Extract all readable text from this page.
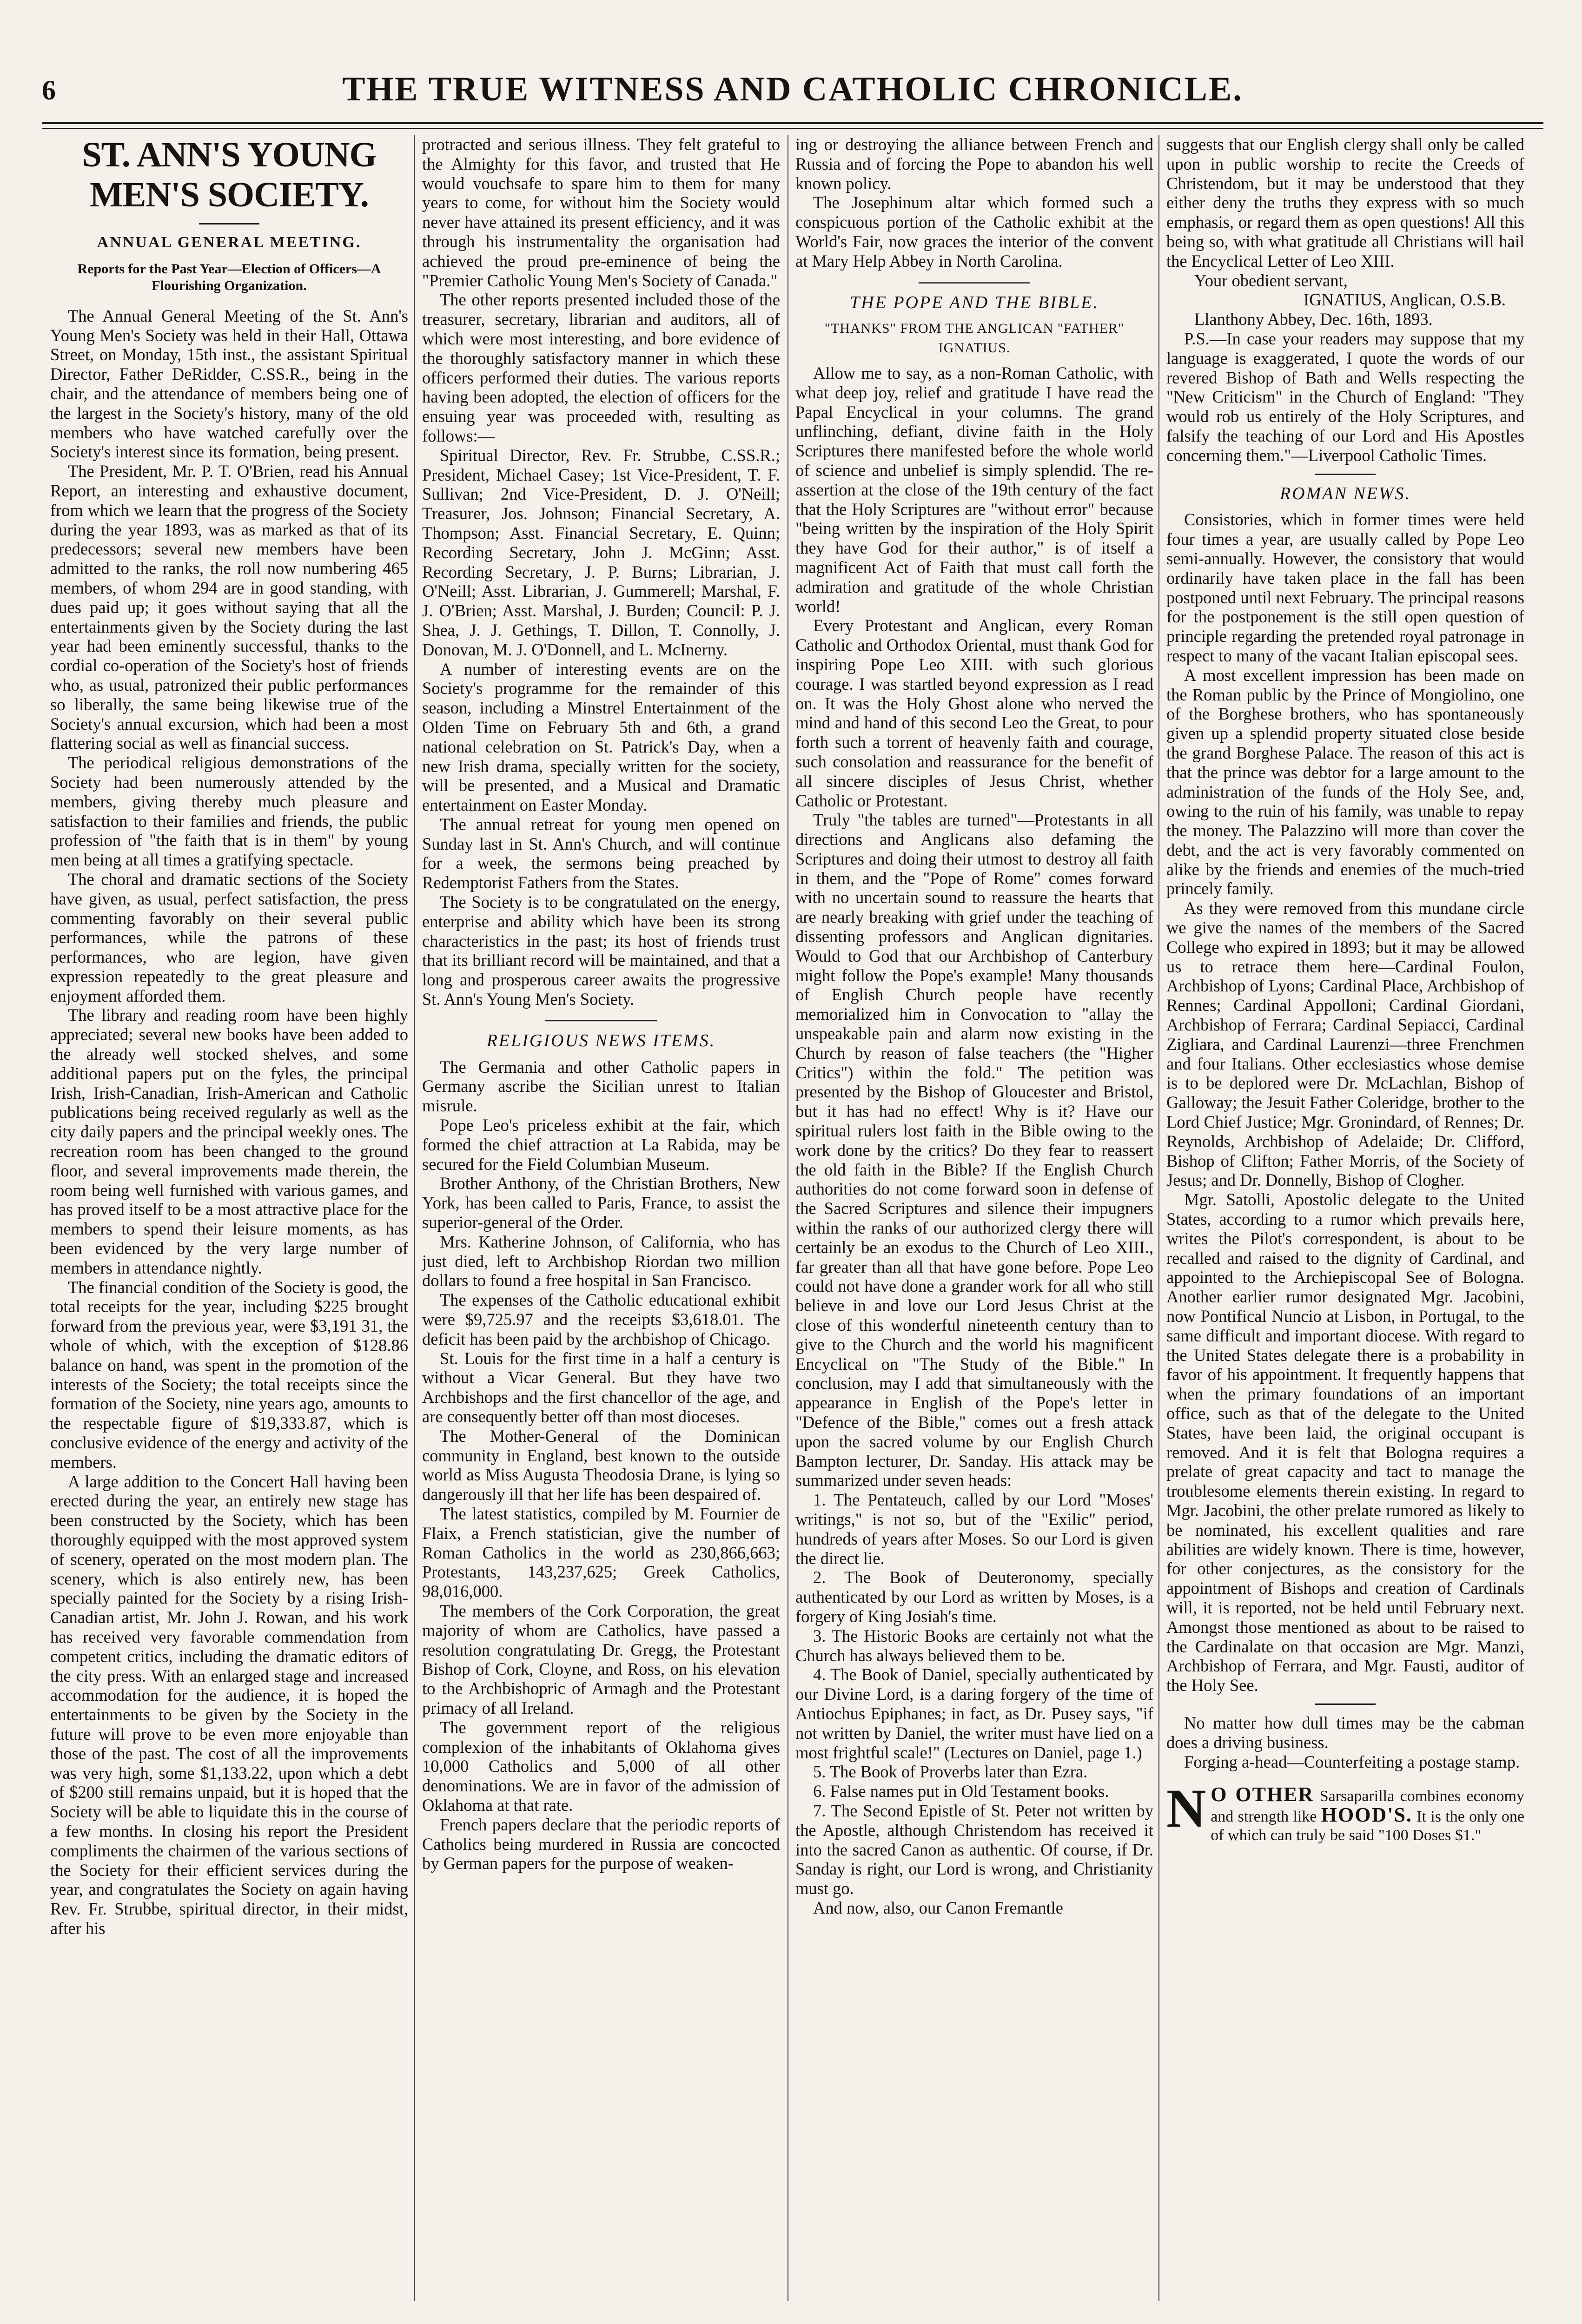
6	THE TRUE WITNESS AND CATHOLIC CHRONICLE.
ST. ANN'S YOUNG MEN'S SOCIETY.
ANNUAL GENERAL MEETING.
Reports for the Past Year—Election of Officers—A Flourishing Organization.

The Annual General Meeting of the St. Ann's Young Men's Society was held in their Hall, Ottawa Street, on Monday, 15th inst., the assistant Spiritual Director, Father DeRidder, C.SS.R., being in the chair, and the attendance of members being one of the largest in the Society's history, many of the old members who have watched carefully over the Society's interest since its formation, being present.

The President, Mr. P. T. O'Brien, read his Annual Report, an interesting and exhaustive document, from which we learn that the progress of the Society during the year 1893, was as marked as that of its predecessors; several new members have been admitted to the ranks, the roll now numbering 465 members, of whom 294 are in good standing, with dues paid up; it goes without saying that all the entertainments given by the Society during the last year had been eminently successful, thanks to the cordial co-operation of the Society's host of friends who, as usual, patronized their public performances so liberally, the same being likewise true of the Society's annual excursion, which had been a most flattering social as well as financial success.

The periodical religious demonstrations of the Society had been numerously attended by the members, giving thereby much pleasure and satisfaction to their families and friends, the public profession of "the faith that is in them" by young men being at all times a gratifying spectacle.

The choral and dramatic sections of the Society have given, as usual, perfect satisfaction, the press commenting favorably on their several public performances, while the patrons of these performances, who are legion, have given expression repeatedly to the great pleasure and enjoyment afforded them.

The library and reading room have been highly appreciated; several new books have been added to the already well stocked shelves, and some additional papers put on the fyles, the principal Irish, Irish-Canadian, Irish-American and Catholic publications being received regularly as well as the city daily papers and the principal weekly ones. The recreation room has been changed to the ground floor, and several improvements made therein, the room being well furnished with various games, and has proved itself to be a most attractive place for the members to spend their leisure moments, as has been evidenced by the very large number of members in attendance nightly.

The financial condition of the Society is good, the total receipts for the year, including $225 brought forward from the previous year, were $3,191 31, the whole of which, with the exception of $128.86 balance on hand, was spent in the promotion of the interests of the Society; the total receipts since the formation of the Society, nine years ago, amounts to the respectable figure of $19,333.87, which is conclusive evidence of the energy and activity of the members.

A large addition to the Concert Hall having been erected during the year, an entirely new stage has been constructed by the Society, which has been thoroughly equipped with the most approved system of scenery, operated on the most modern plan. The scenery, which is also entirely new, has been specially painted for the Society by a rising Irish-Canadian artist, Mr. John J. Rowan, and his work has received very favorable commendation from competent critics, including the dramatic editors of the city press. With an enlarged stage and increased accommodation for the audience, it is hoped the entertainments to be given by the Society in the future will prove to be even more enjoyable than those of the past. The cost of all the improvements was very high, some $1,133.22, upon which a debt of $200 still remains unpaid, but it is hoped that the Society will be able to liquidate this in the course of a few months. In closing his report the President compliments the chairmen of the various sections of the Society for their efficient services during the year, and congratulates the Society on again having Rev. Fr. Strubbe, spiritual director, in their midst, after his

protracted and serious illness. They felt grateful to the Almighty for this favor, and trusted that He would vouchsafe to spare him to them for many years to come, for without him the Society would never have attained its present efficiency, and it was through his instrumentality the organisation had achieved the proud pre-eminence of being the "Premier Catholic Young Men's Society of Canada."

The other reports presented included those of the treasurer, secretary, librarian and auditors, all of which were most interesting, and bore evidence of the thoroughly satisfactory manner in which these officers performed their duties. The various reports having been adopted, the election of officers for the ensuing year was proceeded with, resulting as follows:—

Spiritual Director, Rev. Fr. Strubbe, C.SS.R.; President, Michael Casey; 1st Vice-President, T. F. Sullivan; 2nd Vice-President, D. J. O'Neill; Treasurer, Jos. Johnson; Financial Secretary, A. Thompson; Asst. Financial Secretary, E. Quinn; Recording Secretary, John J. McGinn; Asst. Recording Secretary, J. P. Burns; Librarian, J. O'Neill; Asst. Librarian, J. Gummerell; Marshal, F. J. O'Brien; Asst. Marshal, J. Burden; Council: P. J. Shea, J. J. Gethings, T. Dillon, T. Connolly, J. Donovan, M. J. O'Donnell, and L. McInerny.

A number of interesting events are on the Society's programme for the remainder of this season, including a Minstrel Entertainment of the Olden Time on February 5th and 6th, a grand national celebration on St. Patrick's Day, when a new Irish drama, specially written for the society, will be presented, and a Musical and Dramatic entertainment on Easter Monday.

The annual retreat for young men opened on Sunday last in St. Ann's Church, and will continue for a week, the sermons being preached by Redemptorist Fathers from the States.

The Society is to be congratulated on the energy, enterprise and ability which have been its strong characteristics in the past; its host of friends trust that its brilliant record will be maintained, and that a long and prosperous career awaits the progressive St. Ann's Young Men's Society.

RELIGIOUS NEWS ITEMS.

The Germania and other Catholic papers in Germany ascribe the Sicilian unrest to Italian misrule.

Pope Leo's priceless exhibit at the fair, which formed the chief attraction at La Rabida, may be secured for the Field Columbian Museum.

Brother Anthony, of the Christian Brothers, New York, has been called to Paris, France, to assist the superior-general of the Order.

Mrs. Katherine Johnson, of California, who has just died, left to Archbishop Riordan two million dollars to found a free hospital in San Francisco.

The expenses of the Catholic educational exhibit were $9,725.97 and the receipts $3,618.01. The deficit has been paid by the archbishop of Chicago.

St. Louis for the first time in a half a century is without a Vicar General. But they have two Archbishops and the first chancellor of the age, and are consequently better off than most dioceses.

The Mother-General of the Dominican community in England, best known to the outside world as Miss Augusta Theodosia Drane, is lying so dangerously ill that her life has been despaired of.

The latest statistics, compiled by M. Fournier de Flaix, a French statistician, give the number of Roman Catholics in the world as 230,866,663; Protestants, 143,237,625; Greek Catholics, 98,016,000.

The members of the Cork Corporation, the great majority of whom are Catholics, have passed a resolution congratulating Dr. Gregg, the Protestant Bishop of Cork, Cloyne, and Ross, on his elevation to the Archbishopric of Armagh and the Protestant primacy of all Ireland.

The government report of the religious complexion of the inhabitants of Oklahoma gives 10,000 Catholics and 5,000 of all other denominations. We are in favor of the admission of Oklahoma at that rate.

French papers declare that the periodic reports of Catholics being murdered in Russia are concocted by German papers for the purpose of weaken-

ing or destroying the alliance between French and Russia and of forcing the Pope to abandon his well known policy.

The Josephinum altar which formed such a conspicuous portion of the Catholic exhibit at the World's Fair, now graces the interior of the convent at Mary Help Abbey in North Carolina.

THE POPE AND THE BIBLE.
"THANKS" FROM THE ANGLICAN "FATHER" IGNATIUS.

Allow me to say, as a non-Roman Catholic, with what deep joy, relief and gratitude I have read the Papal Encyclical in your columns. The grand unflinching, defiant, divine faith in the Holy Scriptures there manifested before the whole world of science and unbelief is simply splendid. The re-assertion at the close of the 19th century of the fact that the Holy Scriptures are "without error" because "being written by the inspiration of the Holy Spirit they have God for their author," is of itself a magnificent Act of Faith that must call forth the admiration and gratitude of the whole Christian world!

Every Protestant and Anglican, every Roman Catholic and Orthodox Oriental, must thank God for inspiring Pope Leo XIII. with such glorious courage. I was startled beyond expression as I read on. It was the Holy Ghost alone who nerved the mind and hand of this second Leo the Great, to pour forth such a torrent of heavenly faith and courage, such consolation and reassurance for the benefit of all sincere disciples of Jesus Christ, whether Catholic or Protestant.

Truly "the tables are turned"—Protestants in all directions and Anglicans also defaming the Scriptures and doing their utmost to destroy all faith in them, and the "Pope of Rome" comes forward with no uncertain sound to reassure the hearts that are nearly breaking with grief under the teaching of dissenting professors and Anglican dignitaries. Would to God that our Archbishop of Canterbury might follow the Pope's example! Many thousands of English Church people have recently memorialized him in Convocation to "allay the unspeakable pain and alarm now existing in the Church by reason of false teachers (the "Higher Critics") within the fold." The petition was presented by the Bishop of Gloucester and Bristol, but it has had no effect! Why is it? Have our spiritual rulers lost faith in the Bible owing to the work done by the critics? Do they fear to reassert the old faith in the Bible? If the English Church authorities do not come forward soon in defense of the Sacred Scriptures and silence their impugners within the ranks of our authorized clergy there will certainly be an exodus to the Church of Leo XIII., far greater than all that have gone before. Pope Leo could not have done a grander work for all who still believe in and love our Lord Jesus Christ at the close of this wonderful nineteenth century than to give to the Church and the world his magnificent Encyclical on "The Study of the Bible." In conclusion, may I add that simultaneously with the appearance in English of the Pope's letter in "Defence of the Bible," comes out a fresh attack upon the sacred volume by our English Church Bampton lecturer, Dr. Sanday. His attack may be summarized under seven heads:

1. The Pentateuch, called by our Lord "Moses' writings," is not so, but of the "Exilic" period, hundreds of years after Moses. So our Lord is given the direct lie.

2. The Book of Deuteronomy, specially authenticated by our Lord as written by Moses, is a forgery of King Josiah's time.

3. The Historic Books are certainly not what the Church has always believed them to be.

4. The Book of Daniel, specially authenticated by our Divine Lord, is a daring forgery of the time of Antiochus Epiphanes; in fact, as Dr. Pusey says, "if not written by Daniel, the writer must have lied on a most frightful scale!" (Lectures on Daniel, page 1.)

5. The Book of Proverbs later than Ezra.

6. False names put in Old Testament books.

7. The Second Epistle of St. Peter not written by the Apostle, although Christendom has received it into the sacred Canon as authentic. Of course, if Dr. Sanday is right, our Lord is wrong, and Christianity must go.

And now, also, our Canon Fremantle

suggests that our English clergy shall only be called upon in public worship to recite the Creeds of Christendom, but it may be understood that they either deny the truths they express with so much emphasis, or regard them as open questions! All this being so, with what gratitude all Christians will hail the Encyclical Letter of Leo XIII.

Your obedient servant,

IGNATIUS, Anglican, O.S.B.

Llanthony Abbey, Dec. 16th, 1893.

P.S.—In case your readers may suppose that my language is exaggerated, I quote the words of our revered Bishop of Bath and Wells respecting the "New Criticism" in the Church of England: "They would rob us entirely of the Holy Scriptures, and falsify the teaching of our Lord and His Apostles concerning them."—Liverpool Catholic Times.

ROMAN NEWS.

Consistories, which in former times were held four times a year, are usually called by Pope Leo semi-annually. However, the consistory that would ordinarily have taken place in the fall has been postponed until next February. The principal reasons for the postponement is the still open question of principle regarding the pretended royal patronage in respect to many of the vacant Italian episcopal sees.

A most excellent impression has been made on the Roman public by the Prince of Mongiolino, one of the Borghese brothers, who has spontaneously given up a splendid property situated close beside the grand Borghese Palace. The reason of this act is that the prince was debtor for a large amount to the administration of the funds of the Holy See, and, owing to the ruin of his family, was unable to repay the money. The Palazzino will more than cover the debt, and the act is very favorably commented on alike by the friends and enemies of the much-tried princely family.

As they were removed from this mundane circle we give the names of the members of the Sacred College who expired in 1893; but it may be allowed us to retrace them here—Cardinal Foulon, Archbishop of Lyons; Cardinal Place, Archbishop of Rennes; Cardinal Appolloni; Cardinal Giordani, Archbishop of Ferrara; Cardinal Sepiacci, Cardinal Zigliara, and Cardinal Laurenzi—three Frenchmen and four Italians. Other ecclesiastics whose demise is to be deplored were Dr. McLachlan, Bishop of Galloway; the Jesuit Father Coleridge, brother to the Lord Chief Justice; Mgr. Gronindard, of Rennes; Dr. Reynolds, Archbishop of Adelaide; Dr. Clifford, Bishop of Clifton; Father Morris, of the Society of Jesus; and Dr. Donnelly, Bishop of Clogher.

Mgr. Satolli, Apostolic delegate to the United States, according to a rumor which prevails here, writes the Pilot's correspondent, is about to be recalled and raised to the dignity of Cardinal, and appointed to the Archiepiscopal See of Bologna. Another earlier rumor designated Mgr. Jacobini, now Pontifical Nuncio at Lisbon, in Portugal, to the same difficult and important diocese. With regard to the United States delegate there is a probability in favor of his appointment. It frequently happens that when the primary foundations of an important office, such as that of the delegate to the United States, have been laid, the original occupant is removed. And it is felt that Bologna requires a prelate of great capacity and tact to manage the troublesome elements therein existing. In regard to Mgr. Jacobini, the other prelate rumored as likely to be nominated, his excellent qualities and rare abilities are widely known. There is time, however, for other conjectures, as the consistory for the appointment of Bishops and creation of Cardinals will, it is reported, not be held until February next. Amongst those mentioned as about to be raised to the Cardinalate on that occasion are Mgr. Manzi, Archbishop of Ferrara, and Mgr. Fausti, auditor of the Holy See.

No matter how dull times may be the cabman does a driving business.

Forging a-head—Counterfeiting a postage stamp.

N O OTHER Sarsaparilla combines economy and strength like HOOD'S. It is the only one of which can truly be said "100 Doses $1."
